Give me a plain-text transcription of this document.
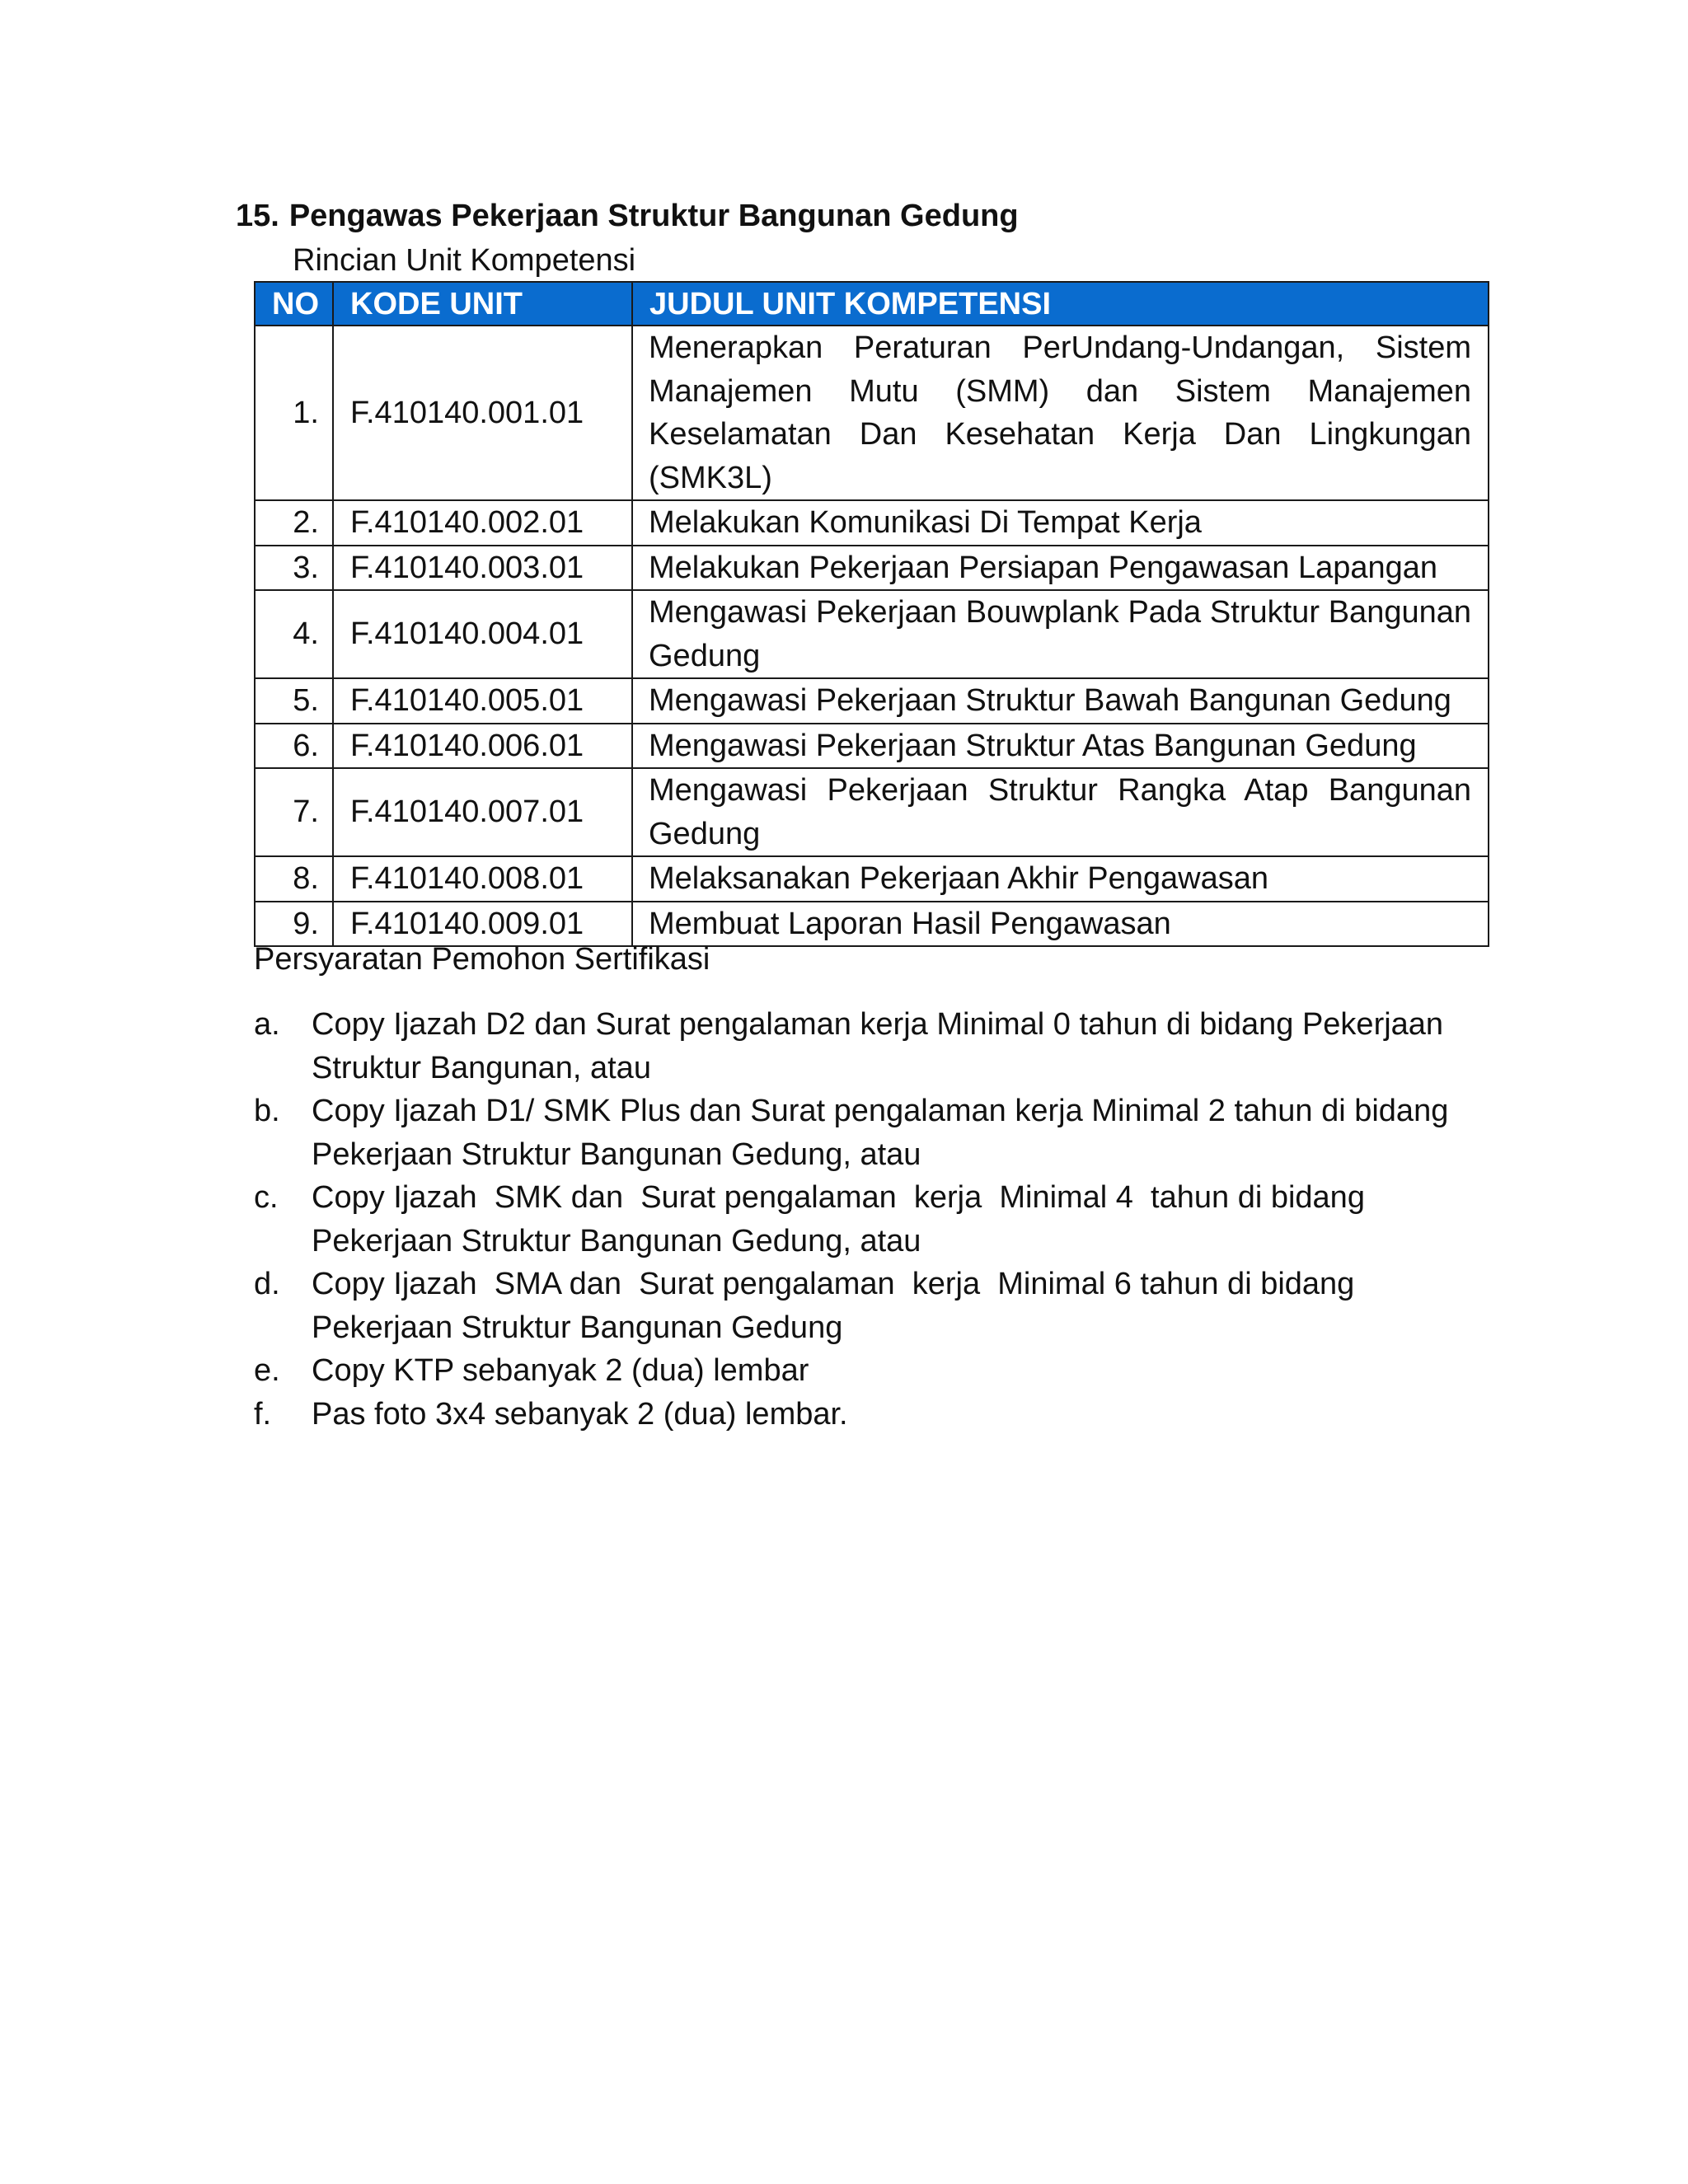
15. Pengawas Pekerjaan Struktur Bangunan Gedung
Rincian Unit Kompetensi
NO	KODE UNIT	JUDUL UNIT KOMPETENSI
1.	F.410140.001.01	Menerapkan Peraturan PerUndang-Undangan, Sistem Manajemen Mutu (SMM) dan Sistem Manajemen Keselamatan Dan Kesehatan Kerja Dan Lingkungan (SMK3L)
2.	F.410140.002.01	Melakukan Komunikasi Di Tempat Kerja
3.	F.410140.003.01	Melakukan Pekerjaan Persiapan Pengawasan Lapangan
4.	F.410140.004.01	Mengawasi Pekerjaan Bouwplank Pada Struktur Bangunan Gedung
5.	F.410140.005.01	Mengawasi Pekerjaan Struktur Bawah Bangunan Gedung
6.	F.410140.006.01	Mengawasi Pekerjaan Struktur Atas Bangunan Gedung
7.	F.410140.007.01	Mengawasi Pekerjaan Struktur Rangka Atap Bangunan Gedung
8.	F.410140.008.01	Melaksanakan Pekerjaan Akhir Pengawasan
9.	F.410140.009.01	Membuat Laporan Hasil Pengawasan
Persyaratan Pemohon Sertifikasi
a.	Copy Ijazah D2 dan Surat pengalaman kerja Minimal 0 tahun di bidang Pekerjaan Struktur Bangunan, atau
b.	Copy Ijazah D1/ SMK Plus dan Surat pengalaman kerja Minimal 2 tahun di bidang Pekerjaan Struktur Bangunan Gedung, atau
c.	Copy Ijazah  SMK dan  Surat pengalaman  kerja  Minimal 4  tahun di bidang Pekerjaan Struktur Bangunan Gedung, atau
d.	Copy Ijazah  SMA dan  Surat pengalaman  kerja  Minimal 6 tahun di bidang Pekerjaan Struktur Bangunan Gedung
e.	Copy KTP sebanyak 2 (dua) lembar
f.	Pas foto 3x4 sebanyak 2 (dua) lembar.
